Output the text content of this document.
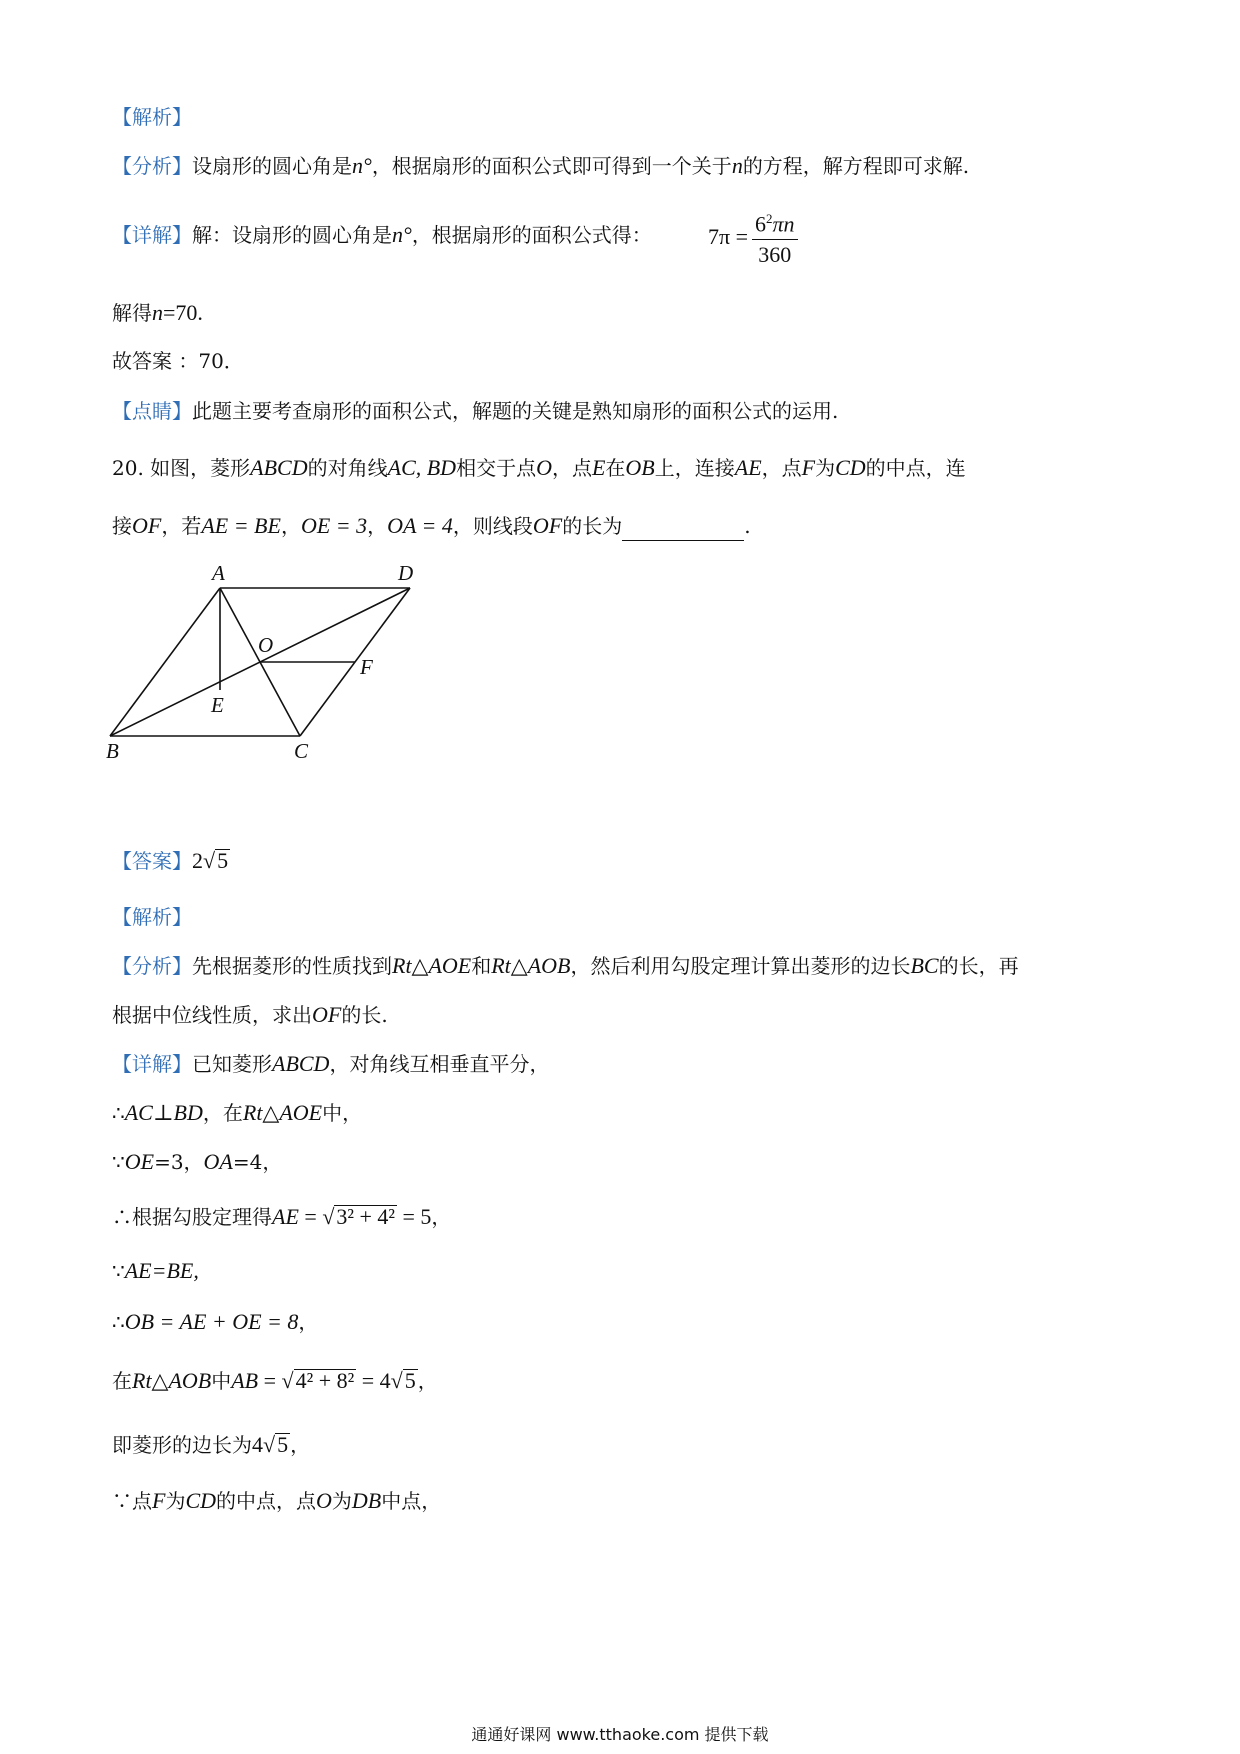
【解析】
【分析】设扇形的圆心角是n°，根据扇形的面积公式即可得到一个关于n的方程，解方程即可求解.
【详解】解：设扇形的圆心角是n°，根据扇形的面积公式得：	$7\pi = \frac{6^2\pi n}{360}$
解得n=70.
故答案 ：70．
【点睛】此题主要考查扇形的面积公式，解题的关键是熟知扇形的面积公式的运用.
20. 如图，菱形ABCD的对角线AC, BD相交于点O，点E在OB上，连接AE，点F为CD的中点，连
接OF，若AE = BE，OE = 3，OA = 4，则线段OF的长为	.
A	D
O
F
E
B	C
【答案】2√5
【解析】
【分析】先根据菱形的性质找到Rt△AOE和Rt△AOB，然后利用勾股定理计算出菱形的边长BC的长，再
根据中位线性质，求出OF的长.
【详解】已知菱形ABCD，对角线互相垂直平分，
∴AC⊥BD，在Rt△AOE中，
∵OE=3，OA=4，
∴根据勾股定理得AE = √3² + 4² = 5，
∵AE=BE,
∴OB = AE + OE = 8，
在Rt△AOB中AB = √4² + 8² = 4√5 ，
即菱形的边长为4√5 ，
∵点F为CD的中点，点O为DB中点，
通通好课网 www.tthaoke.com 提供下载
